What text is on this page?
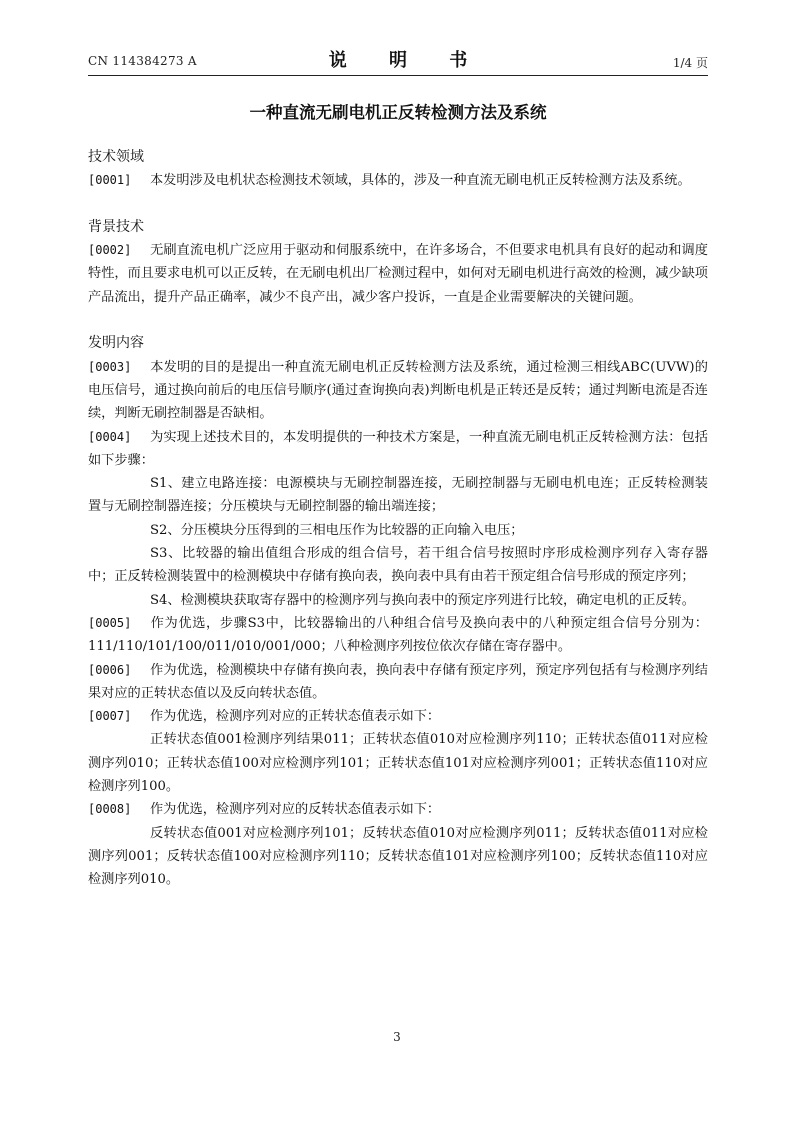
CN 114384273 A	说 明 书	1/4 页
一种直流无刷电机正反转检测方法及系统

技术领域

[0001] 本发明涉及电机状态检测技术领域，具体的，涉及一种直流无刷电机正反转检测方法及系统。

背景技术

[0002] 无刷直流电机广泛应用于驱动和伺服系统中，在许多场合，不但要求电机具有良好的起动和调度特性，而且要求电机可以正反转，在无刷电机出厂检测过程中，如何对无刷电机进行高效的检测，减少缺项产品流出，提升产品正确率，减少不良产出，减少客户投诉，一直是企业需要解决的关键问题。

发明内容

[0003] 本发明的目的是提出一种直流无刷电机正反转检测方法及系统，通过检测三相线ABC(UVW)的电压信号，通过换向前后的电压信号顺序(通过查询换向表)判断电机是正转还是反转；通过判断电流是否连续，判断无刷控制器是否缺相。

[0004] 为实现上述技术目的，本发明提供的一种技术方案是，一种直流无刷电机正反转检测方法：包括如下步骤：

S1、建立电路连接：电源模块与无刷控制器连接，无刷控制器与无刷电机电连；正反转检测装置与无刷控制器连接；分压模块与无刷控制器的输出端连接；

S2、分压模块分压得到的三相电压作为比较器的正向输入电压；

S3、比较器的输出值组合形成的组合信号，若干组合信号按照时序形成检测序列存入寄存器中；正反转检测装置中的检测模块中存储有换向表，换向表中具有由若干预定组合信号形成的预定序列；

S4、检测模块获取寄存器中的检测序列与换向表中的预定序列进行比较，确定电机的正反转。

[0005] 作为优选，步骤S3中，比较器输出的八种组合信号及换向表中的八种预定组合信号分别为：111/110/101/100/011/010/001/000；八种检测序列按位依次存储在寄存器中。

[0006] 作为优选，检测模块中存储有换向表，换向表中存储有预定序列，预定序列包括有与检测序列结果对应的正转状态值以及反向转状态值。

[0007] 作为优选，检测序列对应的正转状态值表示如下：

正转状态值001检测序列结果011；正转状态值010对应检测序列110；正转状态值011对应检测序列010；正转状态值100对应检测序列101；正转状态值101对应检测序列001；正转状态值110对应检测序列100。

[0008] 作为优选，检测序列对应的反转状态值表示如下：

反转状态值001对应检测序列101；反转状态值010对应检测序列011；反转状态值011对应检测序列001；反转状态值100对应检测序列110；反转状态值101对应检测序列100；反转状态值110对应检测序列010。

3
